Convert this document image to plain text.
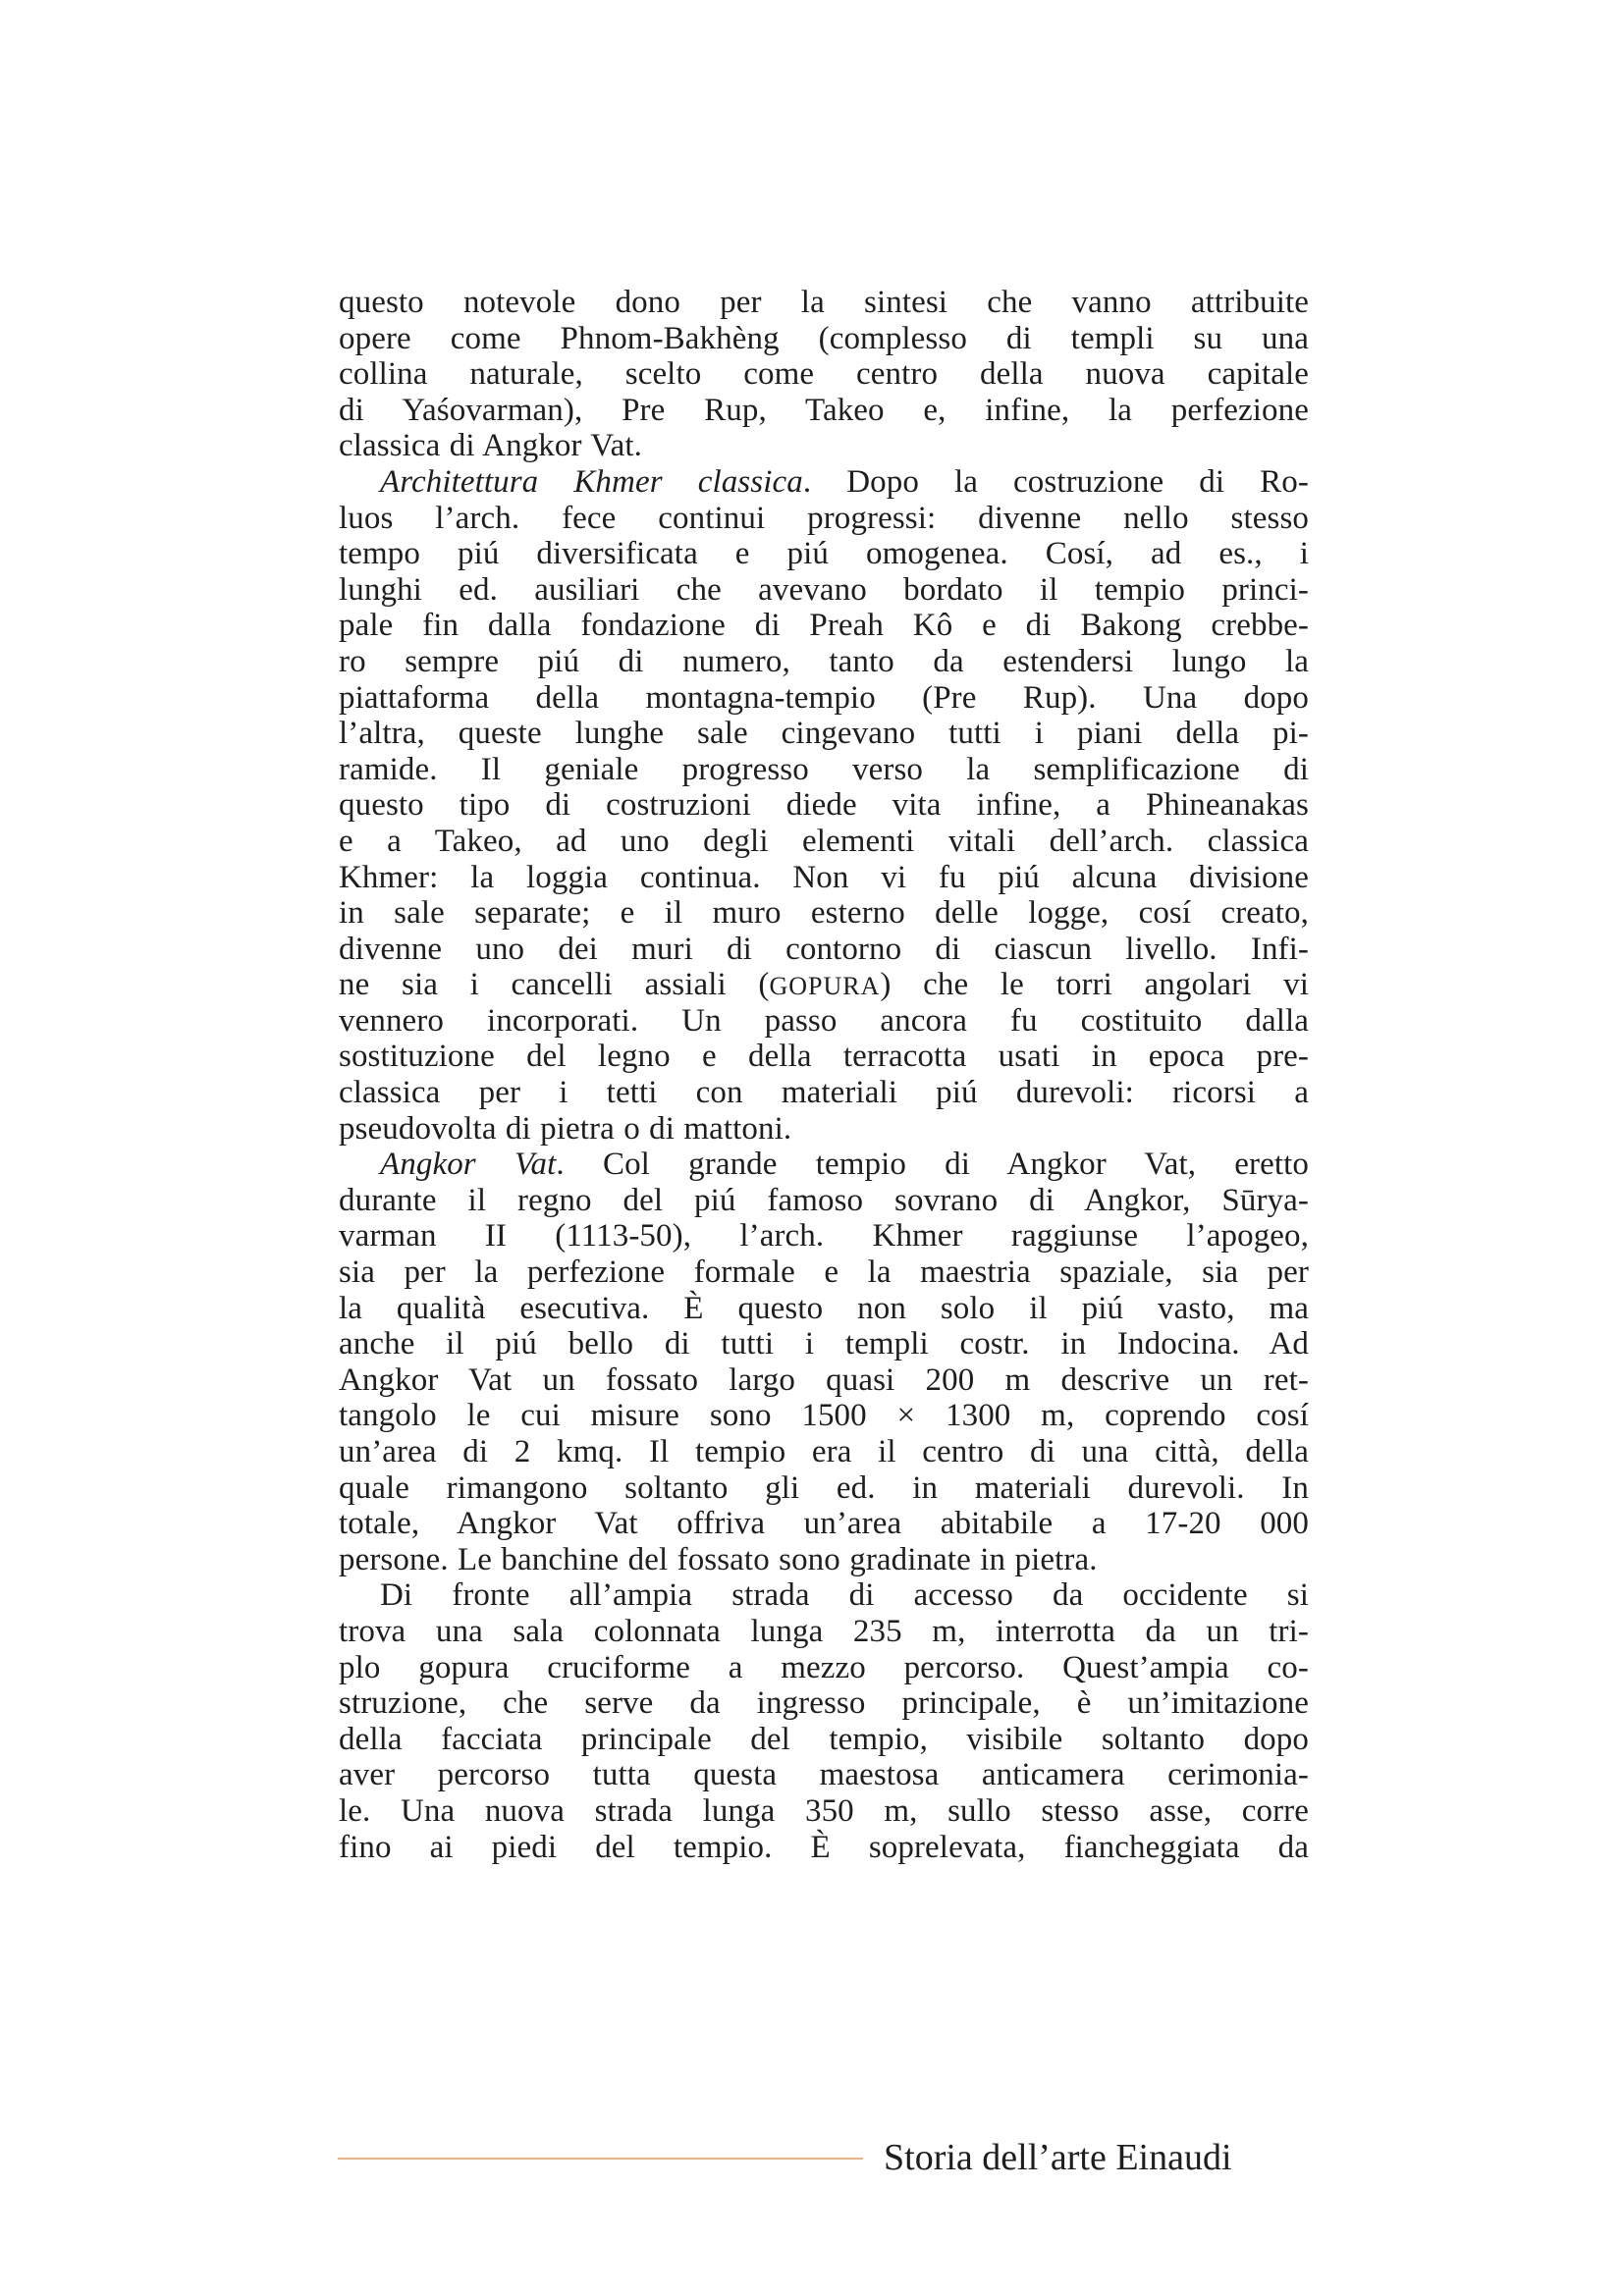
questo notevole dono per la sintesi che vanno attribuite
opere come Phnom-Bakhèng (complesso di templi su una
collina naturale, scelto come centro della nuova capitale
di Yaśovarman), Pre Rup, Takeo e, infine, la perfezione
classica di Angkor Vat.
Architettura Khmer classica. Dopo la costruzione di Ro-
luos l’arch. fece continui progressi: divenne nello stesso
tempo piú diversificata e piú omogenea. Cosí, ad es., i
lunghi ed. ausiliari che avevano bordato il tempio princi-
pale fin dalla fondazione di Preah Kô e di Bakong crebbe-
ro sempre piú di numero, tanto da estendersi lungo la
piattaforma della montagna-tempio (Pre Rup). Una dopo
l’altra, queste lunghe sale cingevano tutti i piani della pi-
ramide. Il geniale progresso verso la semplificazione di
questo tipo di costruzioni diede vita infine, a Phineanakas
e a Takeo, ad uno degli elementi vitali dell’arch. classica
Khmer: la loggia continua. Non vi fu piú alcuna divisione
in sale separate; e il muro esterno delle logge, cosí creato,
divenne uno dei muri di contorno di ciascun livello. Infi-
ne sia i cancelli assiali (GOPURA) che le torri angolari vi
vennero incorporati. Un passo ancora fu costituito dalla
sostituzione del legno e della terracotta usati in epoca pre-
classica per i tetti con materiali piú durevoli: ricorsi a
pseudovolta di pietra o di mattoni.
Angkor Vat. Col grande tempio di Angkor Vat, eretto
durante il regno del piú famoso sovrano di Angkor, Sūrya-
varman II (1113-50), l’arch. Khmer raggiunse l’apogeo,
sia per la perfezione formale e la maestria spaziale, sia per
la qualità esecutiva. È questo non solo il piú vasto, ma
anche il piú bello di tutti i templi costr. in Indocina. Ad
Angkor Vat un fossato largo quasi 200 m descrive un ret-
tangolo le cui misure sono 1500 × 1300 m, coprendo cosí
un’area di 2 kmq. Il tempio era il centro di una città, della
quale rimangono soltanto gli ed. in materiali durevoli. In
totale, Angkor Vat offriva un’area abitabile a 17-20 000
persone. Le banchine del fossato sono gradinate in pietra.
Di fronte all’ampia strada di accesso da occidente si
trova una sala colonnata lunga 235 m, interrotta da un tri-
plo gopura cruciforme a mezzo percorso. Quest’ampia co-
struzione, che serve da ingresso principale, è un’imitazione
della facciata principale del tempio, visibile soltanto dopo
aver percorso tutta questa maestosa anticamera cerimonia-
le. Una nuova strada lunga 350 m, sullo stesso asse, corre
fino ai piedi del tempio. È soprelevata, fiancheggiata da
Storia dell’arte Einaudi
